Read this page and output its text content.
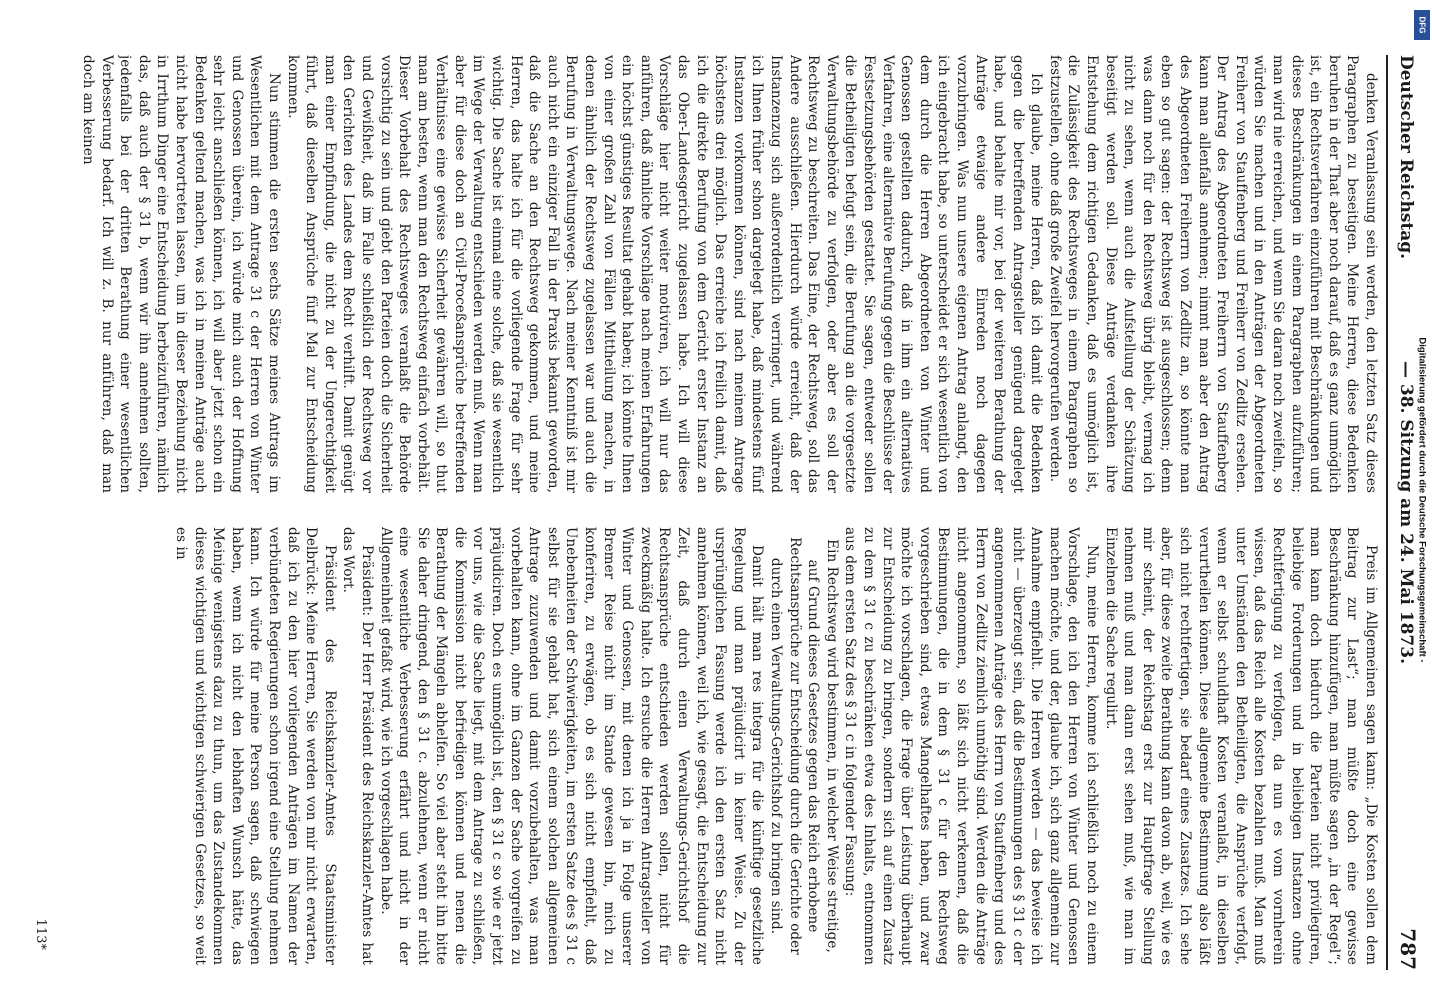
Deutscher Reichstag.
— 38. Sitzung am 24. Mai 1873.
787

denken Veranlassung sein werden, den letzten Satz dieses Paragraphen zu beseitigen. Meine Herren, diese Bedenken beruhen in der That aber noch darauf, daß es ganz unmöglich ist, ein Rechtsverfahren einzuführen mit Beschränkungen und dieses Beschränkungen in einem Paragraphen aufzuführen; man wird nie erreichen, und wenn Sie daran noch zweifeln, so würden Sie machen und in den Anträgen der Abgeordneten Freiherr von Stauffenberg und Freiherr von Zedlitz ersehen. Der Antrag des Abgeordneten Freiherrn von Stauffenberg kann man allenfalls annehmen; nimmt man aber den Antrag des Abgeordneten Freiherrn von Zedlitz an, so könnte man eben so gut sagen: der Rechtsweg ist ausgeschlossen; denn was dann noch für den Rechtsweg übrig bleibt, vermag ich nicht zu sehen, wenn auch die Aufstellung der Schätzung beseitigt werden soll. Diese Anträge verdanken ihre Entstehung dem richtigen Gedanken, daß es unmöglich ist, die Zulässigkeit des Rechtsweges in einem Paragraphen so festzustellen, ohne daß große Zweifel hervorgerufen werden.

Ich glaube, meine Herren, daß ich damit die Bedenken gegen die betreffenden Antragsteller genügend dargelegt habe, und behalte mir vor, bei der weiteren Berathung der Anträge etwaige andere Einreden noch dagegen vorzubringen. Was nun unsere eigenen Antrag anlangt, den ich eingebracht habe, so unterscheidet er sich wesentlich von dem durch die Herren Abgeordneten von Winter und Genossen gestellten dadurch, daß in ihm ein alternatives Verfahren, eine alternative Berufung gegen die Beschlüsse der Festsetzungsbehörden gestattet. Sie sagen, entweder sollen die Betheiligten befugt sein, die Berufung an die vorgesetzte Verwaltungsbehörde zu verfolgen, oder aber es soll der Rechtsweg zu beschreiten. Das Eine, der Rechtsweg, soll das Andere ausschließen. Hierdurch würde erreicht, daß der Instanzenzug sich außerordentlich verringert, und während ich Ihnen früher schon dargelegt habe, daß mindestens fünf Instanzen vorkommen können, sind nach meinem Antrage höchstens drei möglich. Das erreiche ich freilich damit, daß ich die direkte Berufung von dem Gericht erster Instanz an das Ober-Landesgericht zugelassen habe. Ich will diese Vorschläge hier nicht weiter motiviren, ich will nur das anführen, daß ähnliche Vorschläge nach meinen Erfahrungen ein höchst günstiges Resultat gehabt haben; ich könnte Ihnen von einer großen Zahl von Fällen Mittheilung machen, in denen ähnlich der Rechtsweg zugelassen war und auch die Berufung in Verwaltungswege. Nach meiner Kenntniß ist mir auch nicht ein einziger Fall in der Praxis bekannt geworden, daß die Sache an den Rechtsweg gekommen, und meine Herren, das halte ich für die vorliegende Frage für sehr wichtig. Die Sache ist einmal eine solche, daß sie wesentlich im Wege der Verwaltung entschieden werden muß. Wenn man aber für diese doch an Civil-Proceßansprüche betreffenden Verhältnisse eine gewisse Sicherheit gewähren will, so thut man am besten, wenn man den Rechtsweg einfach vorbehält. Dieser Vorbehalt des Rechtsweges veranlaßt die Behörde vorsichtig zu sein und giebt den Parteien doch die Sicherheit und Gewißheit, daß im Falle schließlich der Rechtsweg vor den Gerichten des Landes dem Recht verhilft. Damit genügt man einer Empfindung, die nicht zu der Ungerechtigkeit führt, daß dieselben Ansprüche fünf Mal zur Entscheidung kommen.

Nun stimmen die ersten sechs Sätze meines Antrags im Wesentlichen mit dem Antrage 31 c der Herren von Winter und Genossen überein, ich würde mich auch der Hoffnung sehr leicht anschließen können, ich will aber jetzt schon ein Bedenken geltend machen, was ich in meinen Anträge auch nicht habe hervortreten lassen, um in dieser Beziehung nicht in Irrthum Dinger eine Entscheidung herbeizuführen, nämlich das, daß auch der § 31 b, wenn wir ihn annehmen sollten, jedenfalls bei der dritten Berathung einer wesentlichen Verbesserung bedarf. Ich will z. B. nur anführen, daß man doch am keinen

Preis im Allgemeinen sagen kann: „Die Kosten sollen dem Beitrag zur Last“; man müßte doch eine gewisse Beschränkung hinzufügen, man müßte sagen „in der Regel“; man kann doch hiedurch die Parteien nicht privilegiren, beliebige Forderungen und in beliebigen Instanzen ohne Rechtfertigung zu verfolgen, da nun es vom vornherein wissen, daß das Reich alle Kosten bezahlen muß. Man muß unter Umständen den Betheiligten, die Ansprüche verfolgt, wenn er selbst schuldhaft Kosten veranlaßt, in dieselben verurtheilen können. Diese allgemeine Bestimmung also läßt sich nicht rechtfertigen, sie bedarf eines Zusatzes. Ich sehe aber, für diese zweite Berathung kann davon ab, weil, wie es mir scheint, der Reichstag erst zur Hauptfrage Stellung nehmen muß und man dann erst sehen muß, wie man im Einzelnen die Sache regulirt.

Nun, meine Herren, komme ich schließlich noch zu einem Vorschlage, den ich den Herren von Winter und Genossen machen möchte, und der, glaube ich, sich ganz allgemein zur Annahme empfiehlt. Die Herren werden — das beweise ich nicht — überzeugt sein, daß die Bestimmungen des § 31 c der angenommenen Anträge des Herrn von Stauffenberg und des Herrn von Zedlitz ziemlich unnöthig sind. Werden die Anträge nicht angenommen, so läßt sich nicht verkennen, daß die Bestimmungen, die in dem § 31 c für den Rechtsweg vorgeschrieben sind, etwas Mangelhaftes haben, und zwar möchte ich vorschlagen, die Frage über Leistung überhaupt zur Entscheidung zu bringen, sondern sich auf einen Zusatz zu dem § 31 c zu beschränken etwa des Inhalts, entnommen aus dem ersten Satz des § 31 c in folgender Fassung:

Ein Rechtsweg wird bestimmen, in welcher Weise streitige, auf Grund dieses Gesetzes gegen das Reich erhobene Rechtsansprüche zur Entscheidung durch die Gerichte oder durch einen Verwaltungs-Gerichtshof zu bringen sind.

Damit hält man res integra für die künftige gesetzliche Regelung und man präjudicirt in keiner Weise. Zu der ursprünglichen Fassung werde ich den ersten Satz nicht annehmen können, weil ich, wie gesagt, die Entscheidung zur Zeit, daß durch einen Verwaltungs-Gerichtshof die Rechtsansprüche entschieden werden sollen, nicht für zweckmäßig halte. Ich ersuche die Herren Antragsteller von Winter und Genossen, mit denen ich ja in Folge unserer Bremer Reise nicht im Stande gewesen bin, mich zu konferiren, zu erwägen, ob es sich nicht empfiehlt, daß Unebenheiten der Schwierigkeiten, im ersten Satze des § 31 c selbst für sie gehabt hat, sich einem solchen allgemeinen Antrage zuzuwenden und damit vorzubehalten, was man vorbehalten kann, ohne im Ganzen der Sache vorgreifen zu präjudiciren. Doch es unmöglich ist, den § 31 c so wie er jetzt vor uns, wie die Sache liegt, mit dem Antrage zu schließen, die Kommission nicht befriedigen können und nenen die Berathung der Mängeln abhelfen. So viel aber steht ihn bitte Sie daher dringend, den § 31 c. abzulehnen, wenn er nicht eine wesentliche Verbesserung erfährt und nicht in der Allgemeinheit gefaßt wird, wie ich vorgeschlagen habe.

Präsident: Der Herr Präsident des Reichskanzler-Amtes hat das Wort.

Präsident des Reichskanzler-Amtes Staatsminister Delbrück: Meine Herren, Sie werden von mir nicht erwarten, daß ich zu den hier vorliegenden Anträgen im Namen der verbündeten Regierungen schon irgend eine Stellung nehmen kann. Ich würde für meine Person sagen, daß schwiegen haben, wenn ich nicht den lebhaften Wunsch hätte, das Meinige wenigstens dazu zu thun, um das Zustandekommen dieses wichtigen und wichtigen schwierigen Gesetzes, so weit es in

113*
DFG
Digitalisierung gefördert durch die Deutsche Forschungsgemeinschaft -
